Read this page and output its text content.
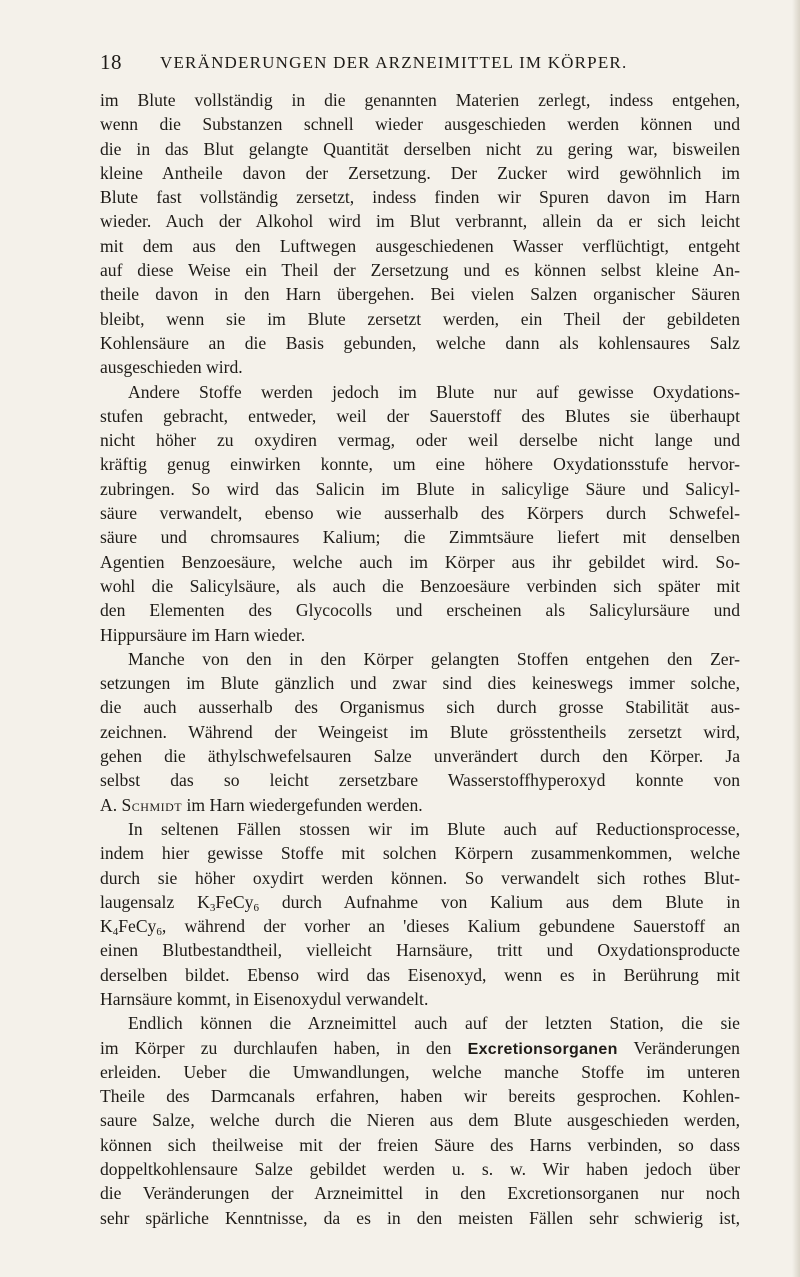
18 VERÄNDERUNGEN DER ARZNEIMITTEL IM KÖRPER.
im Blute vollständig in die genannten Materien zerlegt, indess entgehen,
wenn die Substanzen schnell wieder ausgeschieden werden können und
die in das Blut gelangte Quantität derselben nicht zu gering war, bisweilen
kleine Antheile davon der Zersetzung. Der Zucker wird gewöhnlich im
Blute fast vollständig zersetzt, indess finden wir Spuren davon im Harn
wieder. Auch der Alkohol wird im Blut verbrannt, allein da er sich leicht
mit dem aus den Luftwegen ausgeschiedenen Wasser verflüchtigt, entgeht
auf diese Weise ein Theil der Zersetzung und es können selbst kleine An-
theile davon in den Harn übergehen. Bei vielen Salzen organischer Säuren
bleibt, wenn sie im Blute zersetzt werden, ein Theil der gebildeten
Kohlensäure an die Basis gebunden, welche dann als kohlensaures Salz
ausgeschieden wird.
Andere Stoffe werden jedoch im Blute nur auf gewisse Oxydations-
stufen gebracht, entweder, weil der Sauerstoff des Blutes sie überhaupt
nicht höher zu oxydiren vermag, oder weil derselbe nicht lange und
kräftig genug einwirken konnte, um eine höhere Oxydationsstufe hervor-
zubringen. So wird das Salicin im Blute in salicylige Säure und Salicyl-
säure verwandelt, ebenso wie ausserhalb des Körpers durch Schwefel-
säure und chromsaures Kalium; die Zimmtsäure liefert mit denselben
Agentien Benzoesäure, welche auch im Körper aus ihr gebildet wird. So-
wohl die Salicylsäure, als auch die Benzoesäure verbinden sich später mit
den Elementen des Glycocolls und erscheinen als Salicylursäure und
Hippursäure im Harn wieder.
Manche von den in den Körper gelangten Stoffen entgehen den Zer-
setzungen im Blute gänzlich und zwar sind dies keineswegs immer solche,
die auch ausserhalb des Organismus sich durch grosse Stabilität aus-
zeichnen. Während der Weingeist im Blute grösstentheils zersetzt wird,
gehen die äthylschwefelsauren Salze unverändert durch den Körper. Ja
selbst das so leicht zersetzbare Wasserstoffhyperoxyd konnte von
A. Schmidt im Harn wiedergefunden werden.
In seltenen Fällen stossen wir im Blute auch auf Reductionsprocesse,
indem hier gewisse Stoffe mit solchen Körpern zusammenkommen, welche
durch sie höher oxydirt werden können. So verwandelt sich rothes Blut-
laugensalz $K_3FeCy_6$ durch Aufnahme von Kalium aus dem Blute in
$K_4FeCy_6$, während der vorher an 'dieses Kalium gebundene Sauerstoff an
einen Blutbestandtheil, vielleicht Harnsäure, tritt und Oxydationsproducte
derselben bildet. Ebenso wird das Eisenoxyd, wenn es in Berührung mit
Harnsäure kommt, in Eisenoxydul verwandelt.
Endlich können die Arzneimittel auch auf der letzten Station, die sie
im Körper zu durchlaufen haben, in den Excretionsorganen Veränderungen
erleiden. Ueber die Umwandlungen, welche manche Stoffe im unteren
Theile des Darmcanals erfahren, haben wir bereits gesprochen. Kohlen-
saure Salze, welche durch die Nieren aus dem Blute ausgeschieden werden,
können sich theilweise mit der freien Säure des Harns verbinden, so dass
doppeltkohlensaure Salze gebildet werden u. s. w. Wir haben jedoch über
die Veränderungen der Arzneimittel in den Excretionsorganen nur noch
sehr spärliche Kenntnisse, da es in den meisten Fällen sehr schwierig ist,
